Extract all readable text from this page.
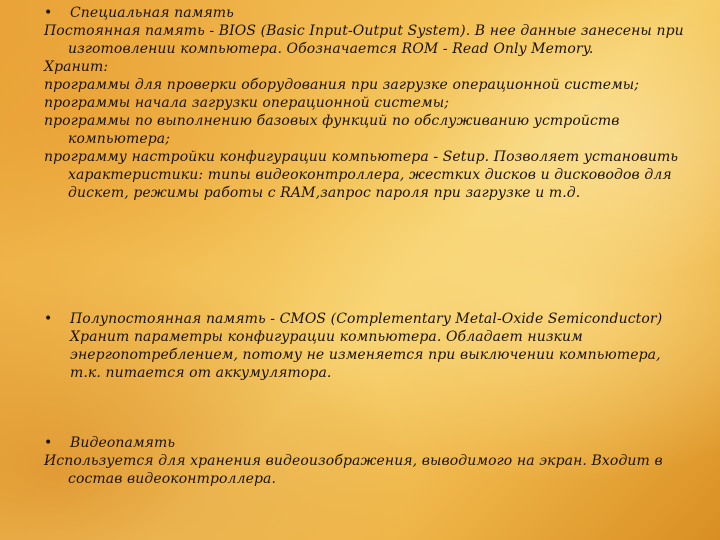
• Специальная память

Постоянная память - BIOS (Basic Input-Output System). В нее данные занесены при изготовлении компьютера. Обозначается ROM - Read Only Memory.

Хранит:

программы для проверки оборудования при загрузке операционной системы;

программы начала загрузки операционной системы;

программы по выполнению базовых функций по обслуживанию устройств компьютера;

программу настройки конфигурации компьютера - Setup. Позволяет установить характеристики: типы видеоконтроллера, жестких дисков и дисководов для дискет, режимы работы с RAM,запрос пароля при загрузке и т.д.

• Полупостоянная память - CMOS (Complementary Metal-Oxide Semiconductor)

Хранит параметры конфигурации компьютера. Обладает низким энергопотреблением, потому не изменяется при выключении компьютера, т.к. питается от аккумулятора.

• Видеопамять

Используется для хранения видеоизображения, выводимого на экран. Входит в состав видеоконтроллера.
